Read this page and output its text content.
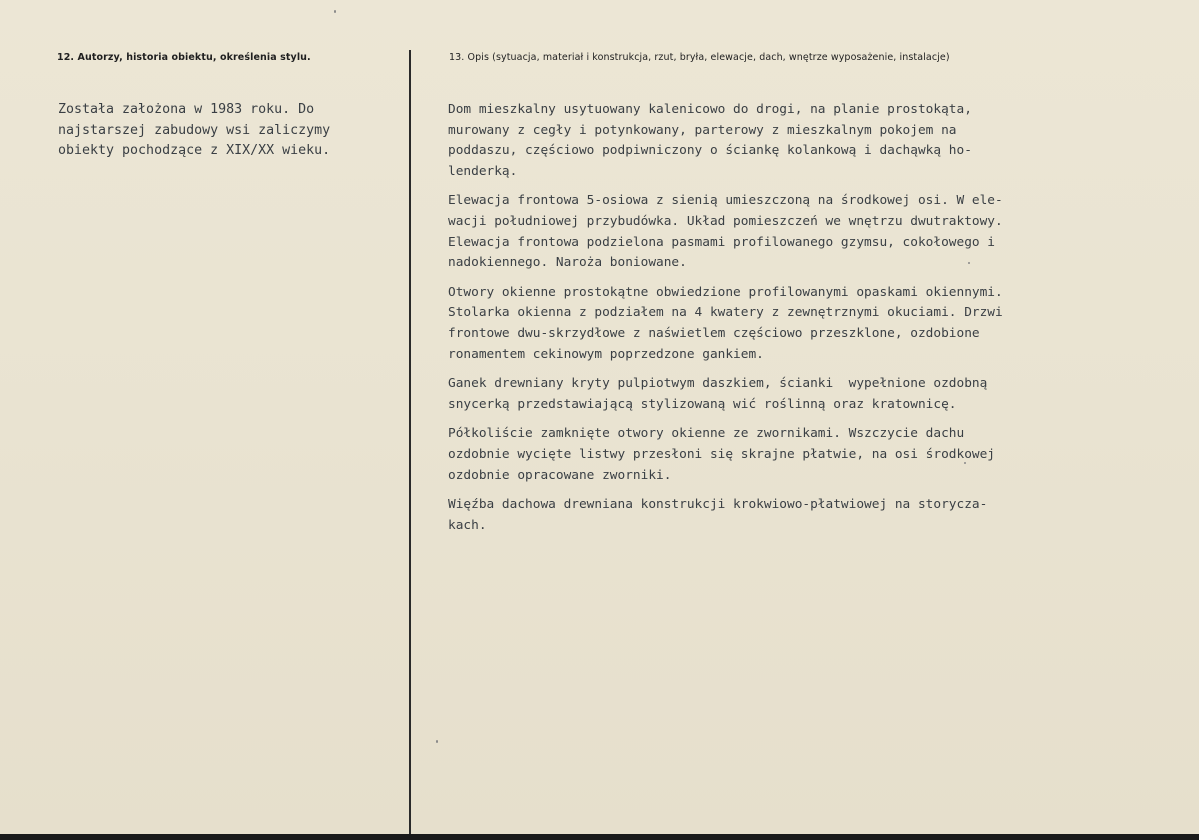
12. Autorzy, historia obiektu, określenia stylu.	13. Opis (sytuacja, materiał i konstrukcja, rzut, bryła, elewacje, dach, wnętrze wyposażenie, instalacje)
Została założona w 1983 roku. Do
najstarszej zabudowy wsi zaliczymy
obiekty pochodzące z XIX/XX wieku.
Dom mieszkalny usytuowany kalenicowo do drogi, na planie prostokąta,
murowany z cegły i potynkowany, parterowy z mieszkalnym pokojem na
poddaszu, częściowo podpiwniczony o ściankę kolankową i dachąwką ho-
lenderką.
Elewacja frontowa 5-osiowa z sienią umieszczoną na środkowej osi. W ele-
wacji południowej przybudówka. Układ pomieszczeń we wnętrzu dwutraktowy.
Elewacja frontowa podzielona pasmami profilowanego gzymsu, cokołowego i
nadokiennego. Naroża boniowane.
Otwory okienne prostokątne obwiedzione profilowanymi opaskami okiennymi.
Stolarka okienna z podziałem na 4 kwatery z zewnętrznymi okuciami. Drzwi
frontowe dwu-skrzydłowe z naświetlem częściowo przeszklone, ozdobione
ronamentem cekinowym poprzedzone gankiem.
Ganek drewniany kryty pulpiotwym daszkiem, ścianki  wypełnione ozdobną
snycerką przedstawiającą stylizowaną wić roślinną oraz kratownicę.
Półkoliście zamknięte otwory okienne ze zwornikami. Wszczycie dachu
ozdobnie wycięte listwy przesłoni się skrajne płatwie, na osi środkowej
ozdobnie opracowane zworniki.
Więźba dachowa drewniana konstrukcji krokwiowo-płatwiowej na storycza-
kach.
